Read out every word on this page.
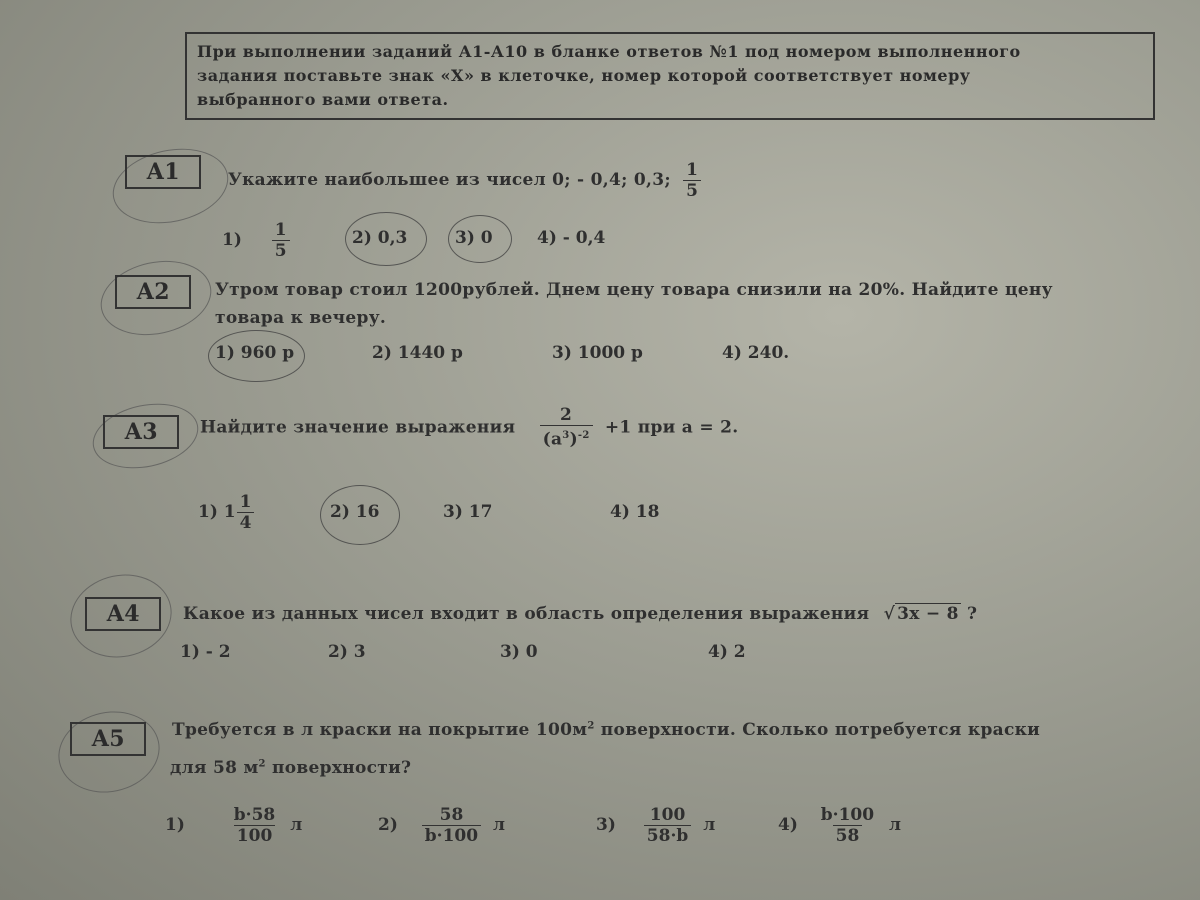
При выполнении заданий А1-А10 в бланке ответов №1 под номером выполненного
задания поставьте знак «Х» в клеточке, номер которой соответствует номеру
выбранного вами ответа.
А1	Укажите наибольшее из чисел 0; - 0,4; 0,3; $\frac{1}{5}$
$1) \frac{1}{5}$	2) 0,3	3) 0	4) - 0,4
А2	Утром товар стоил 1200рублей. Днем цену товара снизили на 20%. Найдите цену
товара к вечеру.
1) 960 р	2) 1440 р	3) 1000 р	4) 240.
А3	Найдите значение выражения $\frac{2}{(a^3)^{-2}} +1$ при a = 2.
1) $1 \frac{1}{4}$	2) 16	3) 17	4) 18
А4	Какое из данных чисел входит в область определения выражения √ 3x − 8 ?
1) - 2	2) 3	3) 0	4) 2
А5	Требуется в л краски на покрытие $100м^2$ поверхности. Сколько потребуется краски
для 58 $м^2$ поверхности?
1)	$\frac{b\cdot 58}{100}$ л	$2) \frac{58}{b\cdot 100}$ л	$3) \frac{100}{58\cdot b}$ л	$4) \frac{b\cdot 100}{58}$ л
